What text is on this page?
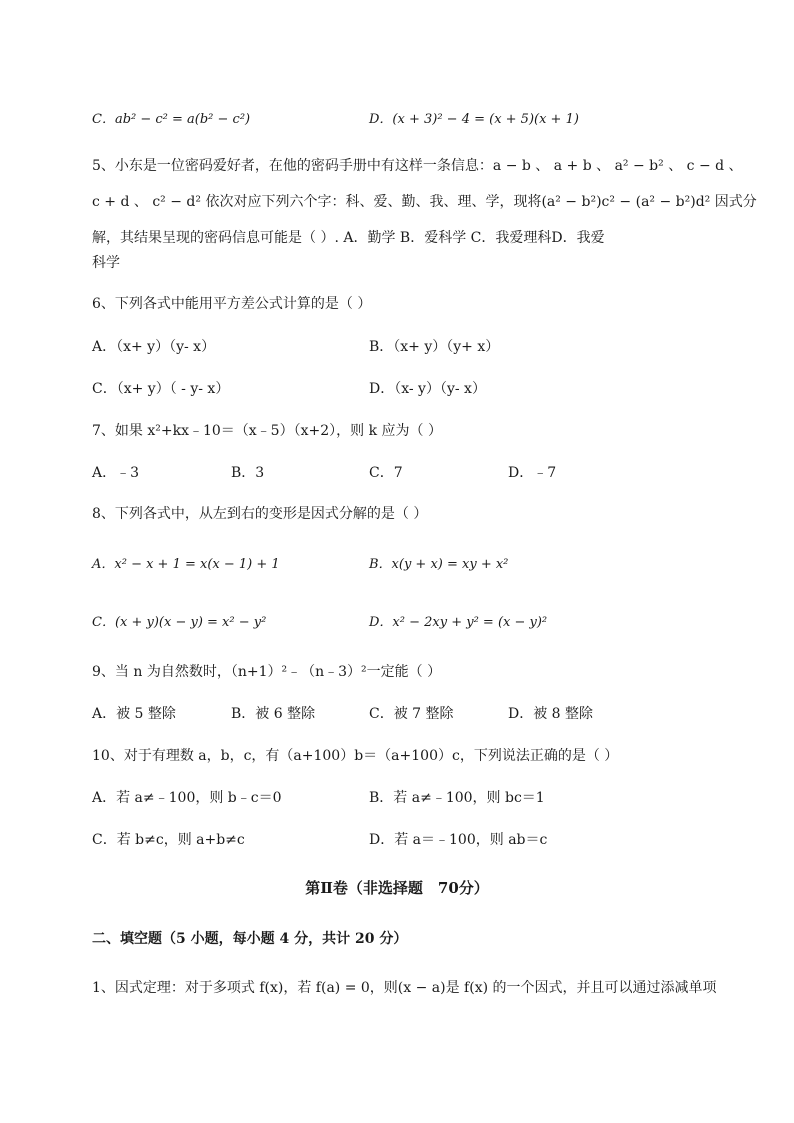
C．ab² − c² = a(b² − c²)	D．(x + 3)² − 4 = (x + 5)(x + 1)
5、小东是一位密码爱好者，在他的密码手册中有这样一条信息：a − b 、 a + b 、 a² − b² 、 c − d 、
c + d 、 c² − d² 依次对应下列六个字：科、爱、勤、我、理、学，现将(a² − b²)c² − (a² − b²)d² 因式分
解，其结果呈现的密码信息可能是（ ）. A．勤学 B．爱科学 C．我爱理科D．我爱
科学
6、下列各式中能用平方差公式计算的是（ ）
A．（x+ y）（y- x）	B．（x+ y）（y+ x）
C．（x+ y）（ - y- x）	D．（x- y）（y- x）
7、如果 x²+kx﹣10＝（x﹣5）（x+2），则 k 应为（ ）
A．﹣3	B．3	C．7	D．﹣7
8、下列各式中，从左到右的变形是因式分解的是（ ）
A．x² − x + 1 = x(x − 1) + 1	B．x(y + x) = xy + x²
C．(x + y)(x − y) = x² − y²	D．x² − 2xy + y² = (x − y)²
9、当 n 为自然数时，（n+1）²﹣（n﹣3）²一定能（ ）
A．被 5 整除	B．被 6 整除	C．被 7 整除	D．被 8 整除
10、对于有理数 a，b，c，有（a+100）b＝（a+100）c，下列说法正确的是（ ）
A．若 a≠﹣100，则 b﹣c＝0	B．若 a≠﹣100，则 bc＝1
C．若 b≠c，则 a+b≠c	D．若 a＝﹣100，则 ab＝c
第Ⅱ卷（非选择题　70分）
二、填空题（5 小题，每小题 4 分，共计 20 分）
1、因式定理：对于多项式 f(x)，若 f(a) = 0，则(x − a)是 f(x) 的一个因式，并且可以通过添减单项
